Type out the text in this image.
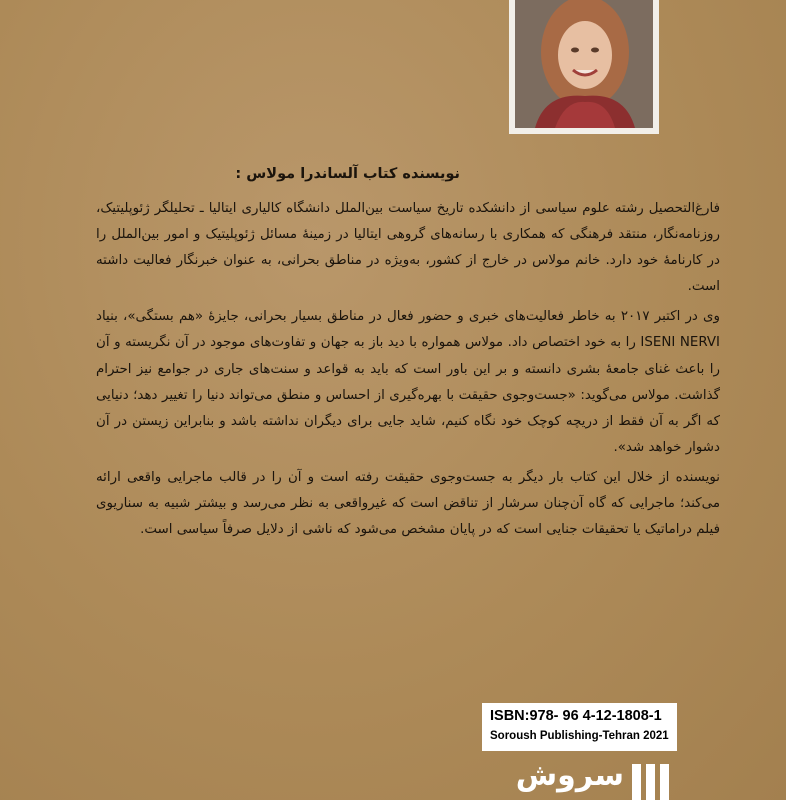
نویسنده کتاب آلساندرا مولاس :

فارغ‌التحصیل رشته علوم سیاسی از دانشکده تاریخ سیاست بین‌الملل دانشگاه کالیاری ایتالیا ـ تحلیلگر ژئوپلیتیک، روزنامه‌نگار، منتقد فرهنگی که همکاری با رسانه‌های گروهی ایتالیا در زمینهٔ مسائل ژئوپلیتیک و امور بین‌الملل را در کارنامهٔ خود دارد. خانم مولاس در خارج از کشور، به‌ویژه در مناطق بحرانی، به عنوان خبرنگار فعالیت داشته است.

وی در اکتبر ۲۰۱۷ به خاطر فعالیت‌های خبری و حضور فعال در مناطق بسیار بحرانی، جایزهٔ «هم بستگی»، بنیاد ISENI NERVI را به خود اختصاص داد. مولاس همواره با دید باز به جهان و تفاوت‌های موجود در آن نگریسته و آن را باعث غنای جامعهٔ بشری دانسته و بر این باور است که باید به قواعد و سنت‌های جاری در جوامع نیز احترام گذاشت. مولاس می‌گوید: «جست‌وجوی حقیقت با بهره‌گیری از احساس و منطق می‌تواند دنیا را تغییر دهد؛ دنیایی که اگر به آن فقط از دریچه کوچک خود نگاه کنیم، شاید جایی برای دیگران نداشته باشد و بنابراین زیستن در آن دشوار خواهد شد».

نویسنده از خلال این کتاب بار دیگر به جست‌وجوی حقیقت رفته است و آن را در قالب ماجرایی واقعی ارائه می‌کند؛ ماجرایی که گاه آن‌چنان سرشار از تناقض است که غیرواقعی به نظر می‌رسد و بیشتر شبیه به سناریوی فیلم دراماتیک یا تحقیقات جنایی است که در پایان مشخص می‌شود که ناشی از دلایل صرفاً سیاسی است.

ISBN:978- 96 4-12-1808-1
Soroush Publishing-Tehran 2021
سروش
